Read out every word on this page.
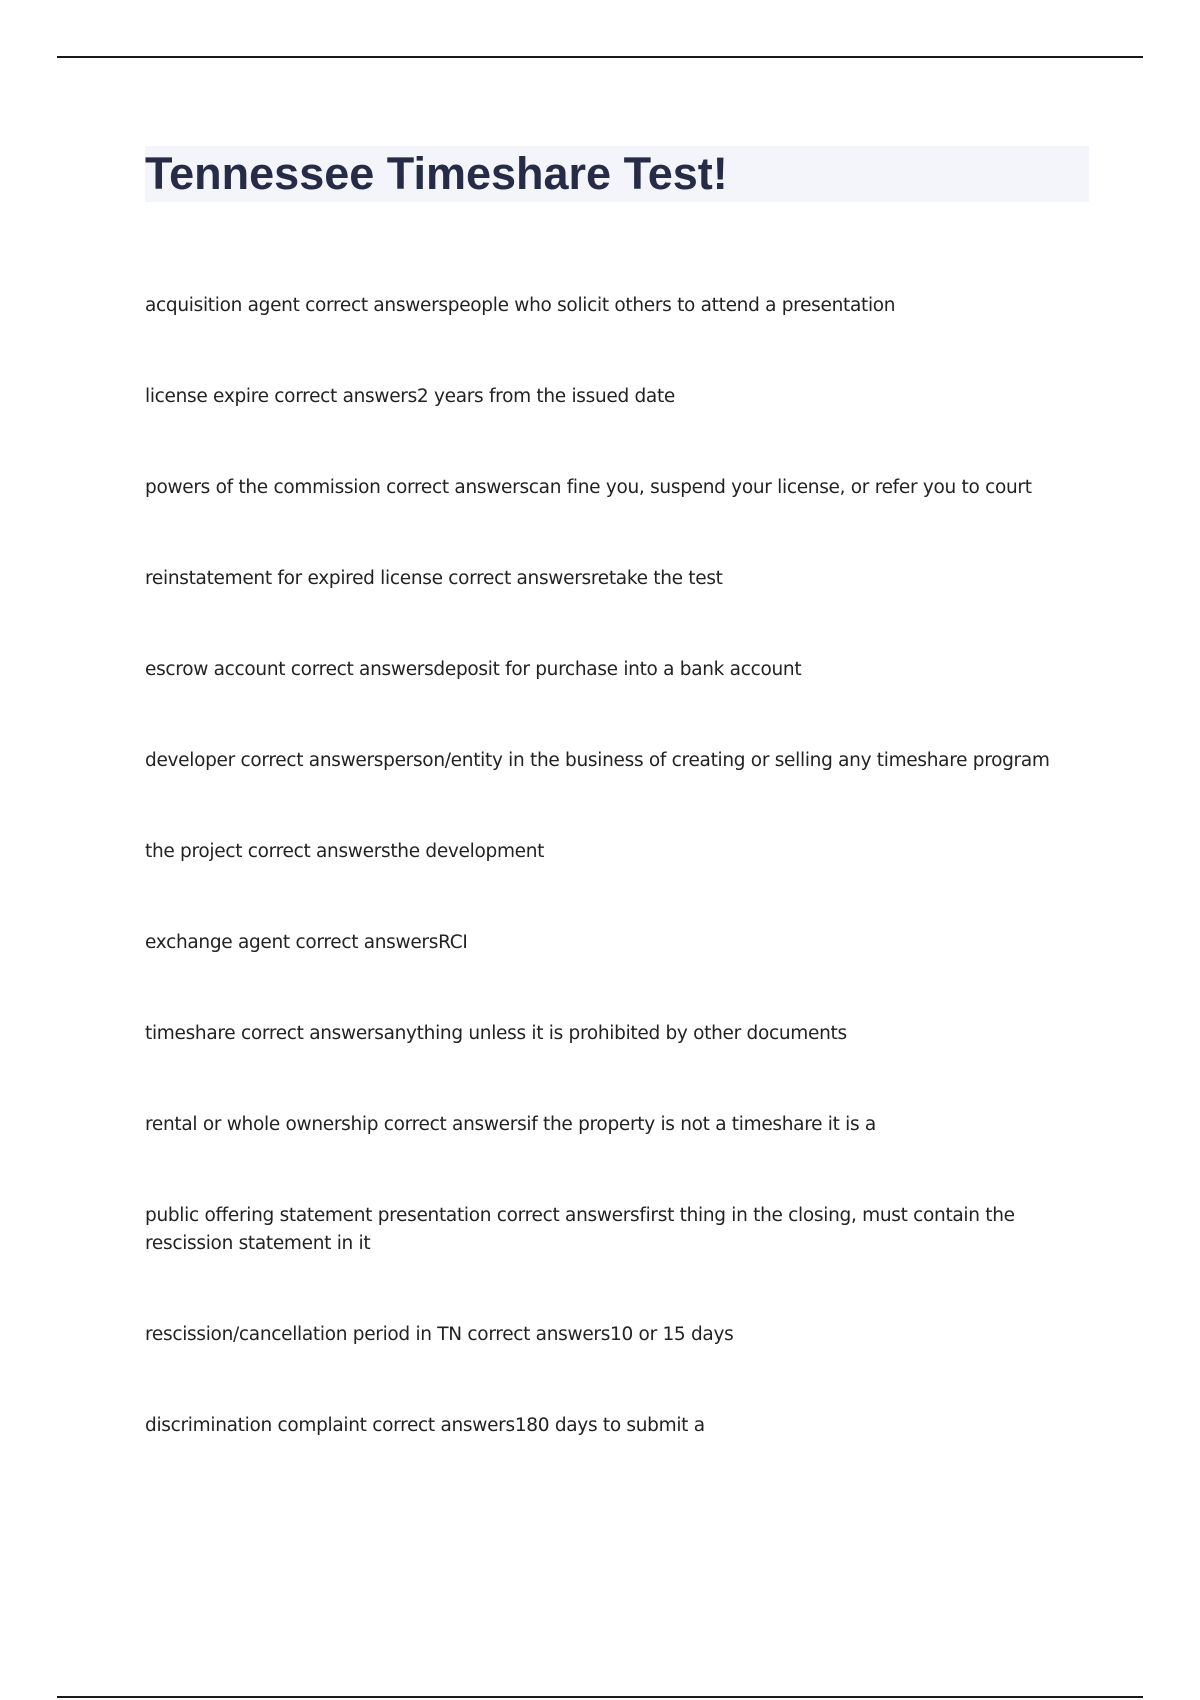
Tennessee Timeshare Test!
acquisition agent correct answerspeople who solicit others to attend a presentation
license expire correct answers2 years from the issued date
powers of the commission correct answerscan fine you, suspend your license, or refer you to court
reinstatement for expired license correct answersretake the test
escrow account correct answersdeposit for purchase into a bank account
developer correct answersperson/entity in the business of creating or selling any timeshare program
the project correct answersthe development
exchange agent correct answersRCI
timeshare correct answersanything unless it is prohibited by other documents
rental or whole ownership correct answersif the property is not a timeshare it is a
public offering statement presentation correct answersfirst thing in the closing, must contain the rescission statement in it
rescission/cancellation period in TN correct answers10 or 15 days
discrimination complaint correct answers180 days to submit a
